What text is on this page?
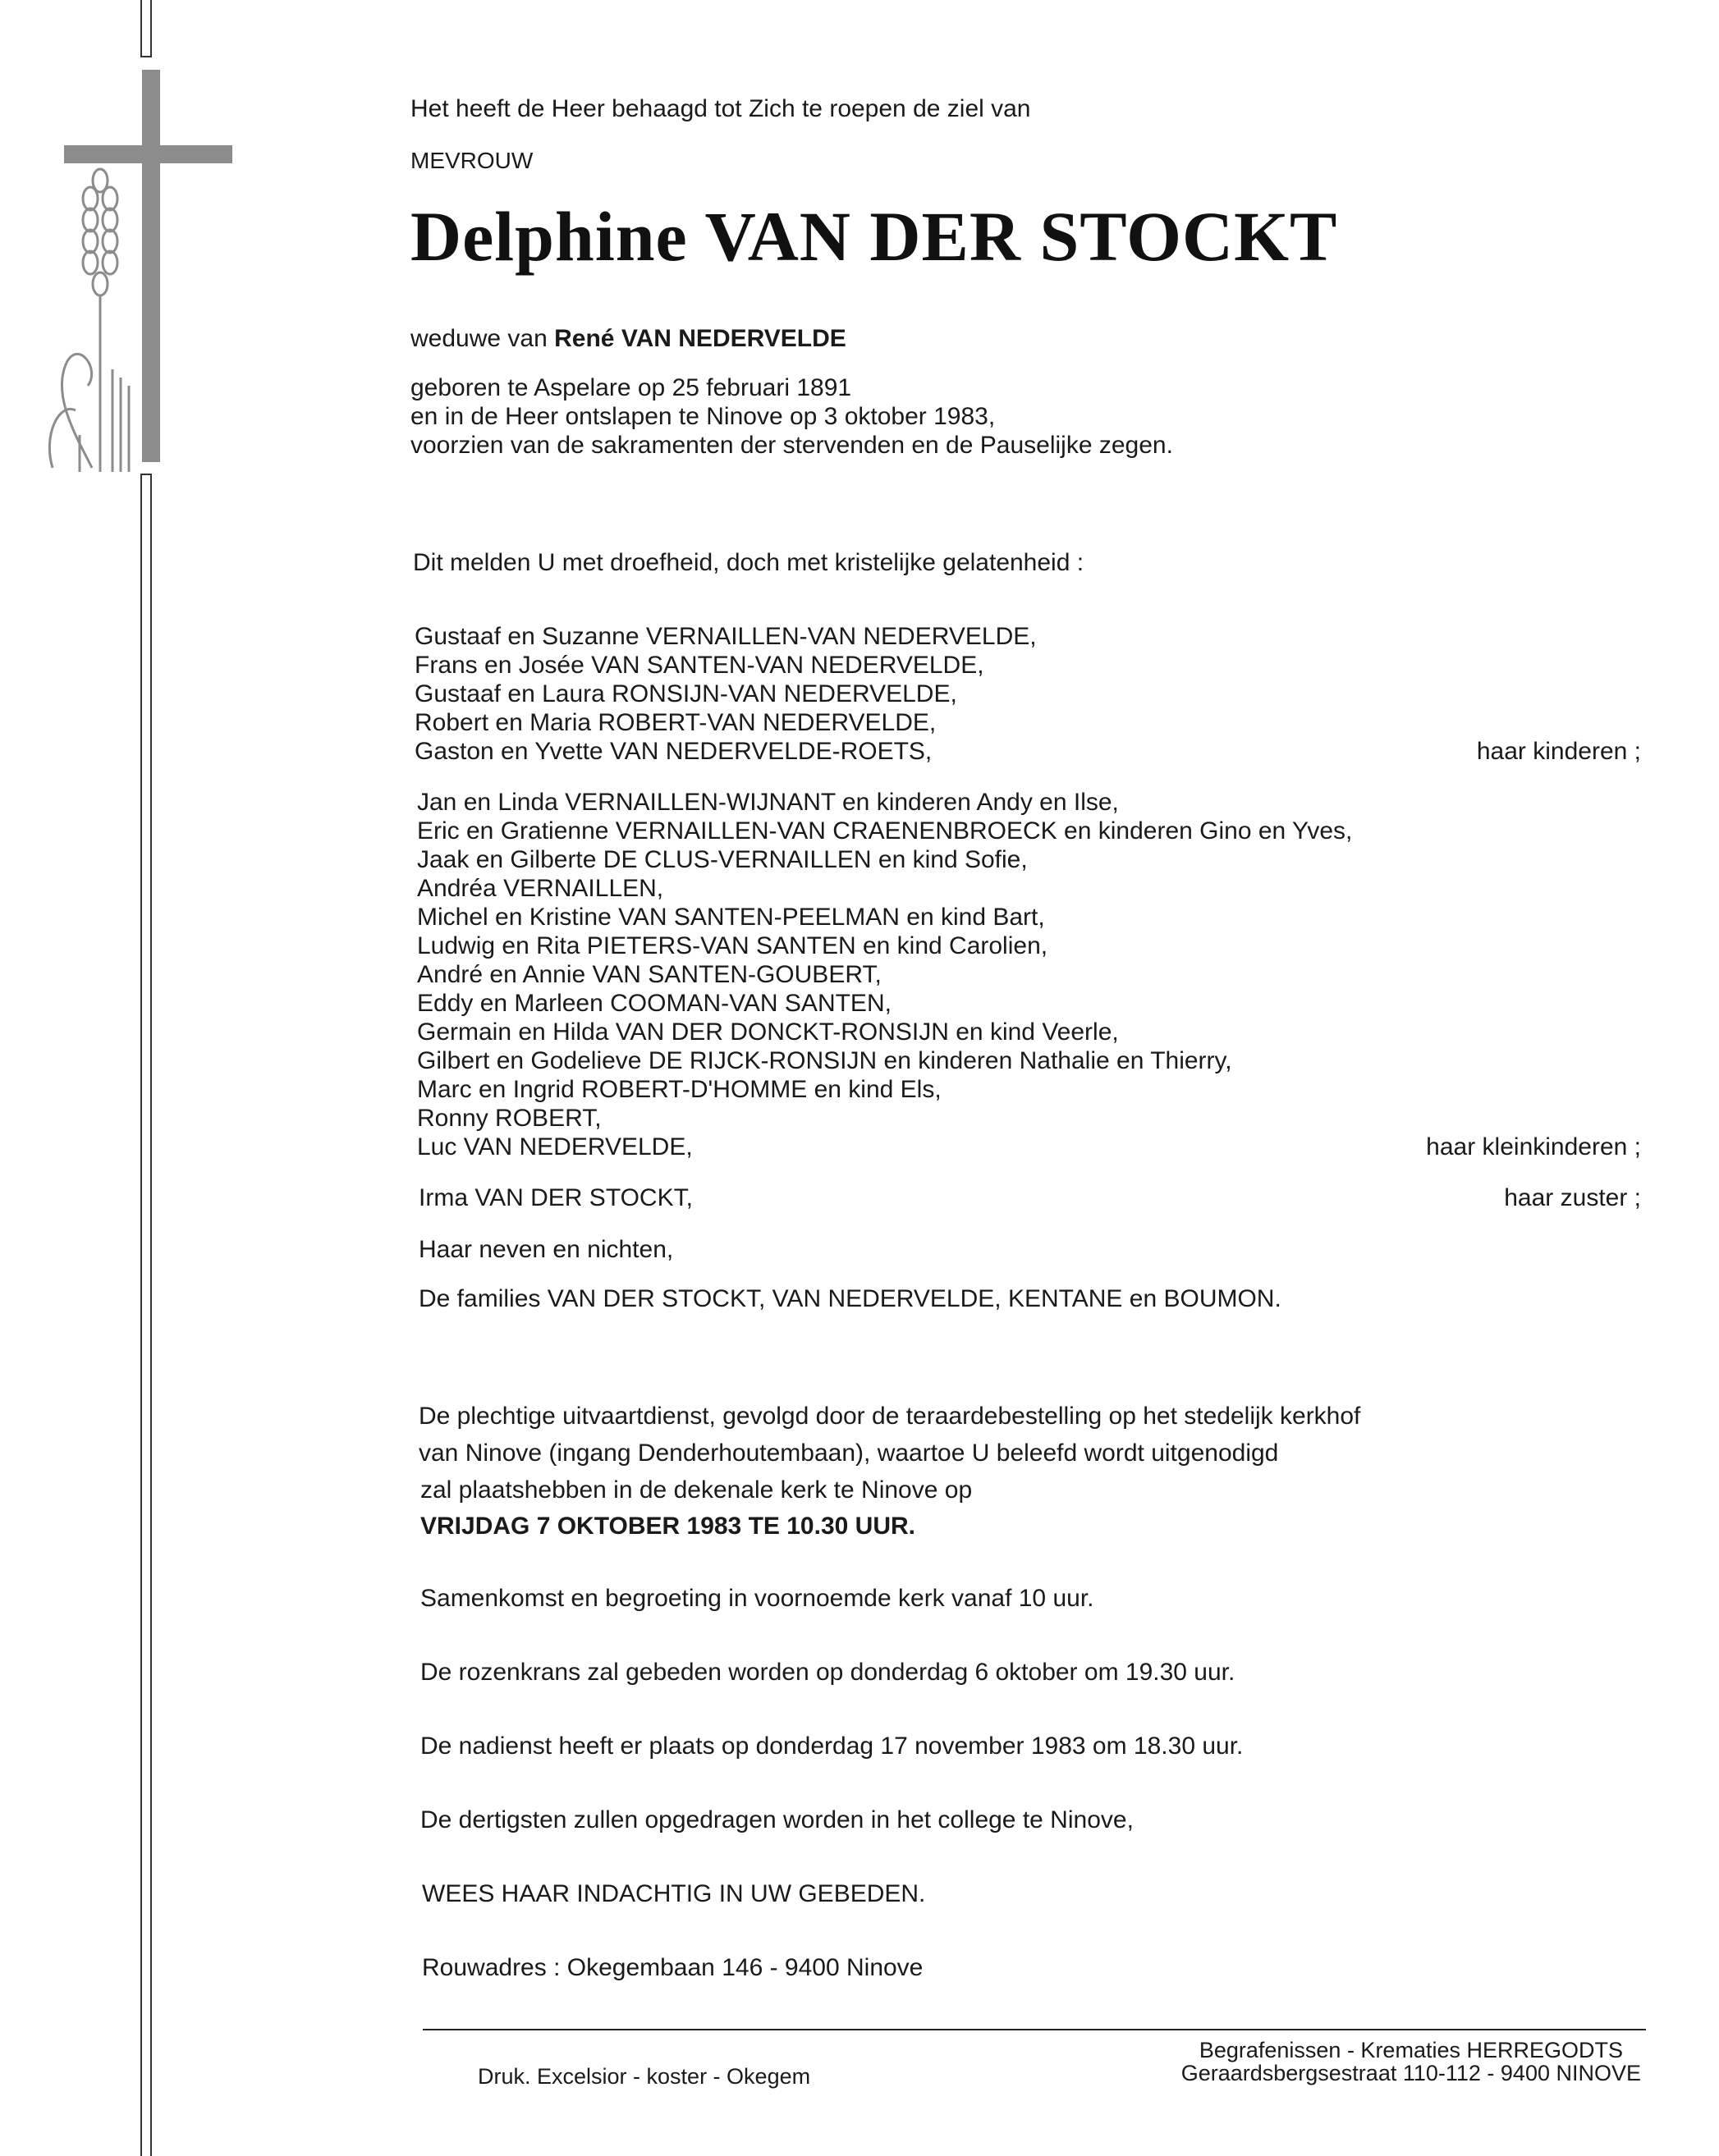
Het heeft de Heer behaagd tot Zich te roepen de ziel van
MEVROUW
Delphine VAN DER STOCKT
weduwe van René VAN NEDERVELDE
geboren te Aspelare op 25 februari 1891
en in de Heer ontslapen te Ninove op 3 oktober 1983,
voorzien van de sakramenten der stervenden en de Pauselijke zegen.
Dit melden U met droefheid, doch met kristelijke gelatenheid :
Gustaaf en Suzanne VERNAILLEN-VAN NEDERVELDE,
Frans en Josée VAN SANTEN-VAN NEDERVELDE,
Gustaaf en Laura RONSIJN-VAN NEDERVELDE,
Robert en Maria ROBERT-VAN NEDERVELDE,
Gaston en Yvette VAN NEDERVELDE-ROETS,	haar kinderen ;
Jan en Linda VERNAILLEN-WIJNANT en kinderen Andy en Ilse,
Eric en Gratienne VERNAILLEN-VAN CRAENENBROECK en kinderen Gino en Yves,
Jaak en Gilberte DE CLUS-VERNAILLEN en kind Sofie,
Andréa VERNAILLEN,
Michel en Kristine VAN SANTEN-PEELMAN en kind Bart,
Ludwig en Rita PIETERS-VAN SANTEN en kind Carolien,
André en Annie VAN SANTEN-GOUBERT,
Eddy en Marleen COOMAN-VAN SANTEN,
Germain en Hilda VAN DER DONCKT-RONSIJN en kind Veerle,
Gilbert en Godelieve DE RIJCK-RONSIJN en kinderen Nathalie en Thierry,
Marc en Ingrid ROBERT-D'HOMME en kind Els,
Ronny ROBERT,
Luc VAN NEDERVELDE,	haar kleinkinderen ;
Irma VAN DER STOCKT,	haar zuster ;
Haar neven en nichten,
De families VAN DER STOCKT, VAN NEDERVELDE, KENTANE en BOUMON.
De plechtige uitvaartdienst, gevolgd door de teraardebestelling op het stedelijk kerkhof
van Ninove (ingang Denderhoutembaan), waartoe U beleefd wordt uitgenodigd
zal plaatshebben in de dekenale kerk te Ninove op
VRIJDAG 7 OKTOBER 1983 TE 10.30 UUR.
Samenkomst en begroeting in voornoemde kerk vanaf 10 uur.
De rozenkrans zal gebeden worden op donderdag 6 oktober om 19.30 uur.
De nadienst heeft er plaats op donderdag 17 november 1983 om 18.30 uur.
De dertigsten zullen opgedragen worden in het college te Ninove,
WEES HAAR INDACHTIG IN UW GEBEDEN.
Rouwadres : Okegembaan 146 - 9400 Ninove
Druk. Excelsior - koster - Okegem
Begrafenissen - Krematies HERREGODTS
Geraardsbergsestraat 110-112 - 9400 NINOVE
